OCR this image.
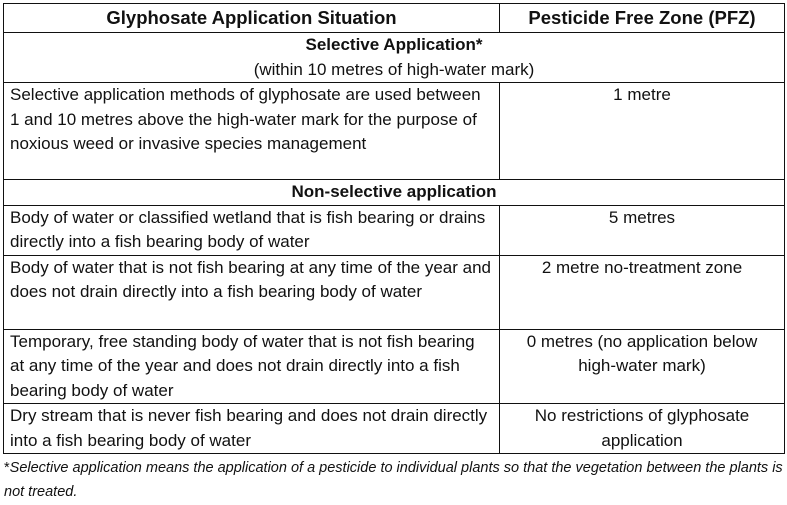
Glyphosate Application Situation	Pesticide Free Zone (PFZ)

Selective Application*
(within 10 metres of high-water mark)	

Selective application methods of glyphosate are used between 1 and 10 metres above the high-water mark for the purpose of noxious weed or invasive species management	1 metre

Non-selective application	

Body of water or classified wetland that is fish bearing or drains directly into a fish bearing body of water	5 metres
Body of water that is not fish bearing at any time of the year and does not drain directly into a fish bearing body of water	2 metre no-treatment zone
Temporary, free standing body of water that is not fish bearing at any time of the year and does not drain directly into a fish bearing body of water	0 metres (no application below high-water mark)
Dry stream that is never fish bearing and does not drain directly into a fish bearing body of water	No restrictions of glyphosate application
*Selective application means the application of a pesticide to individual plants so that the vegetation between the plants is not treated.
